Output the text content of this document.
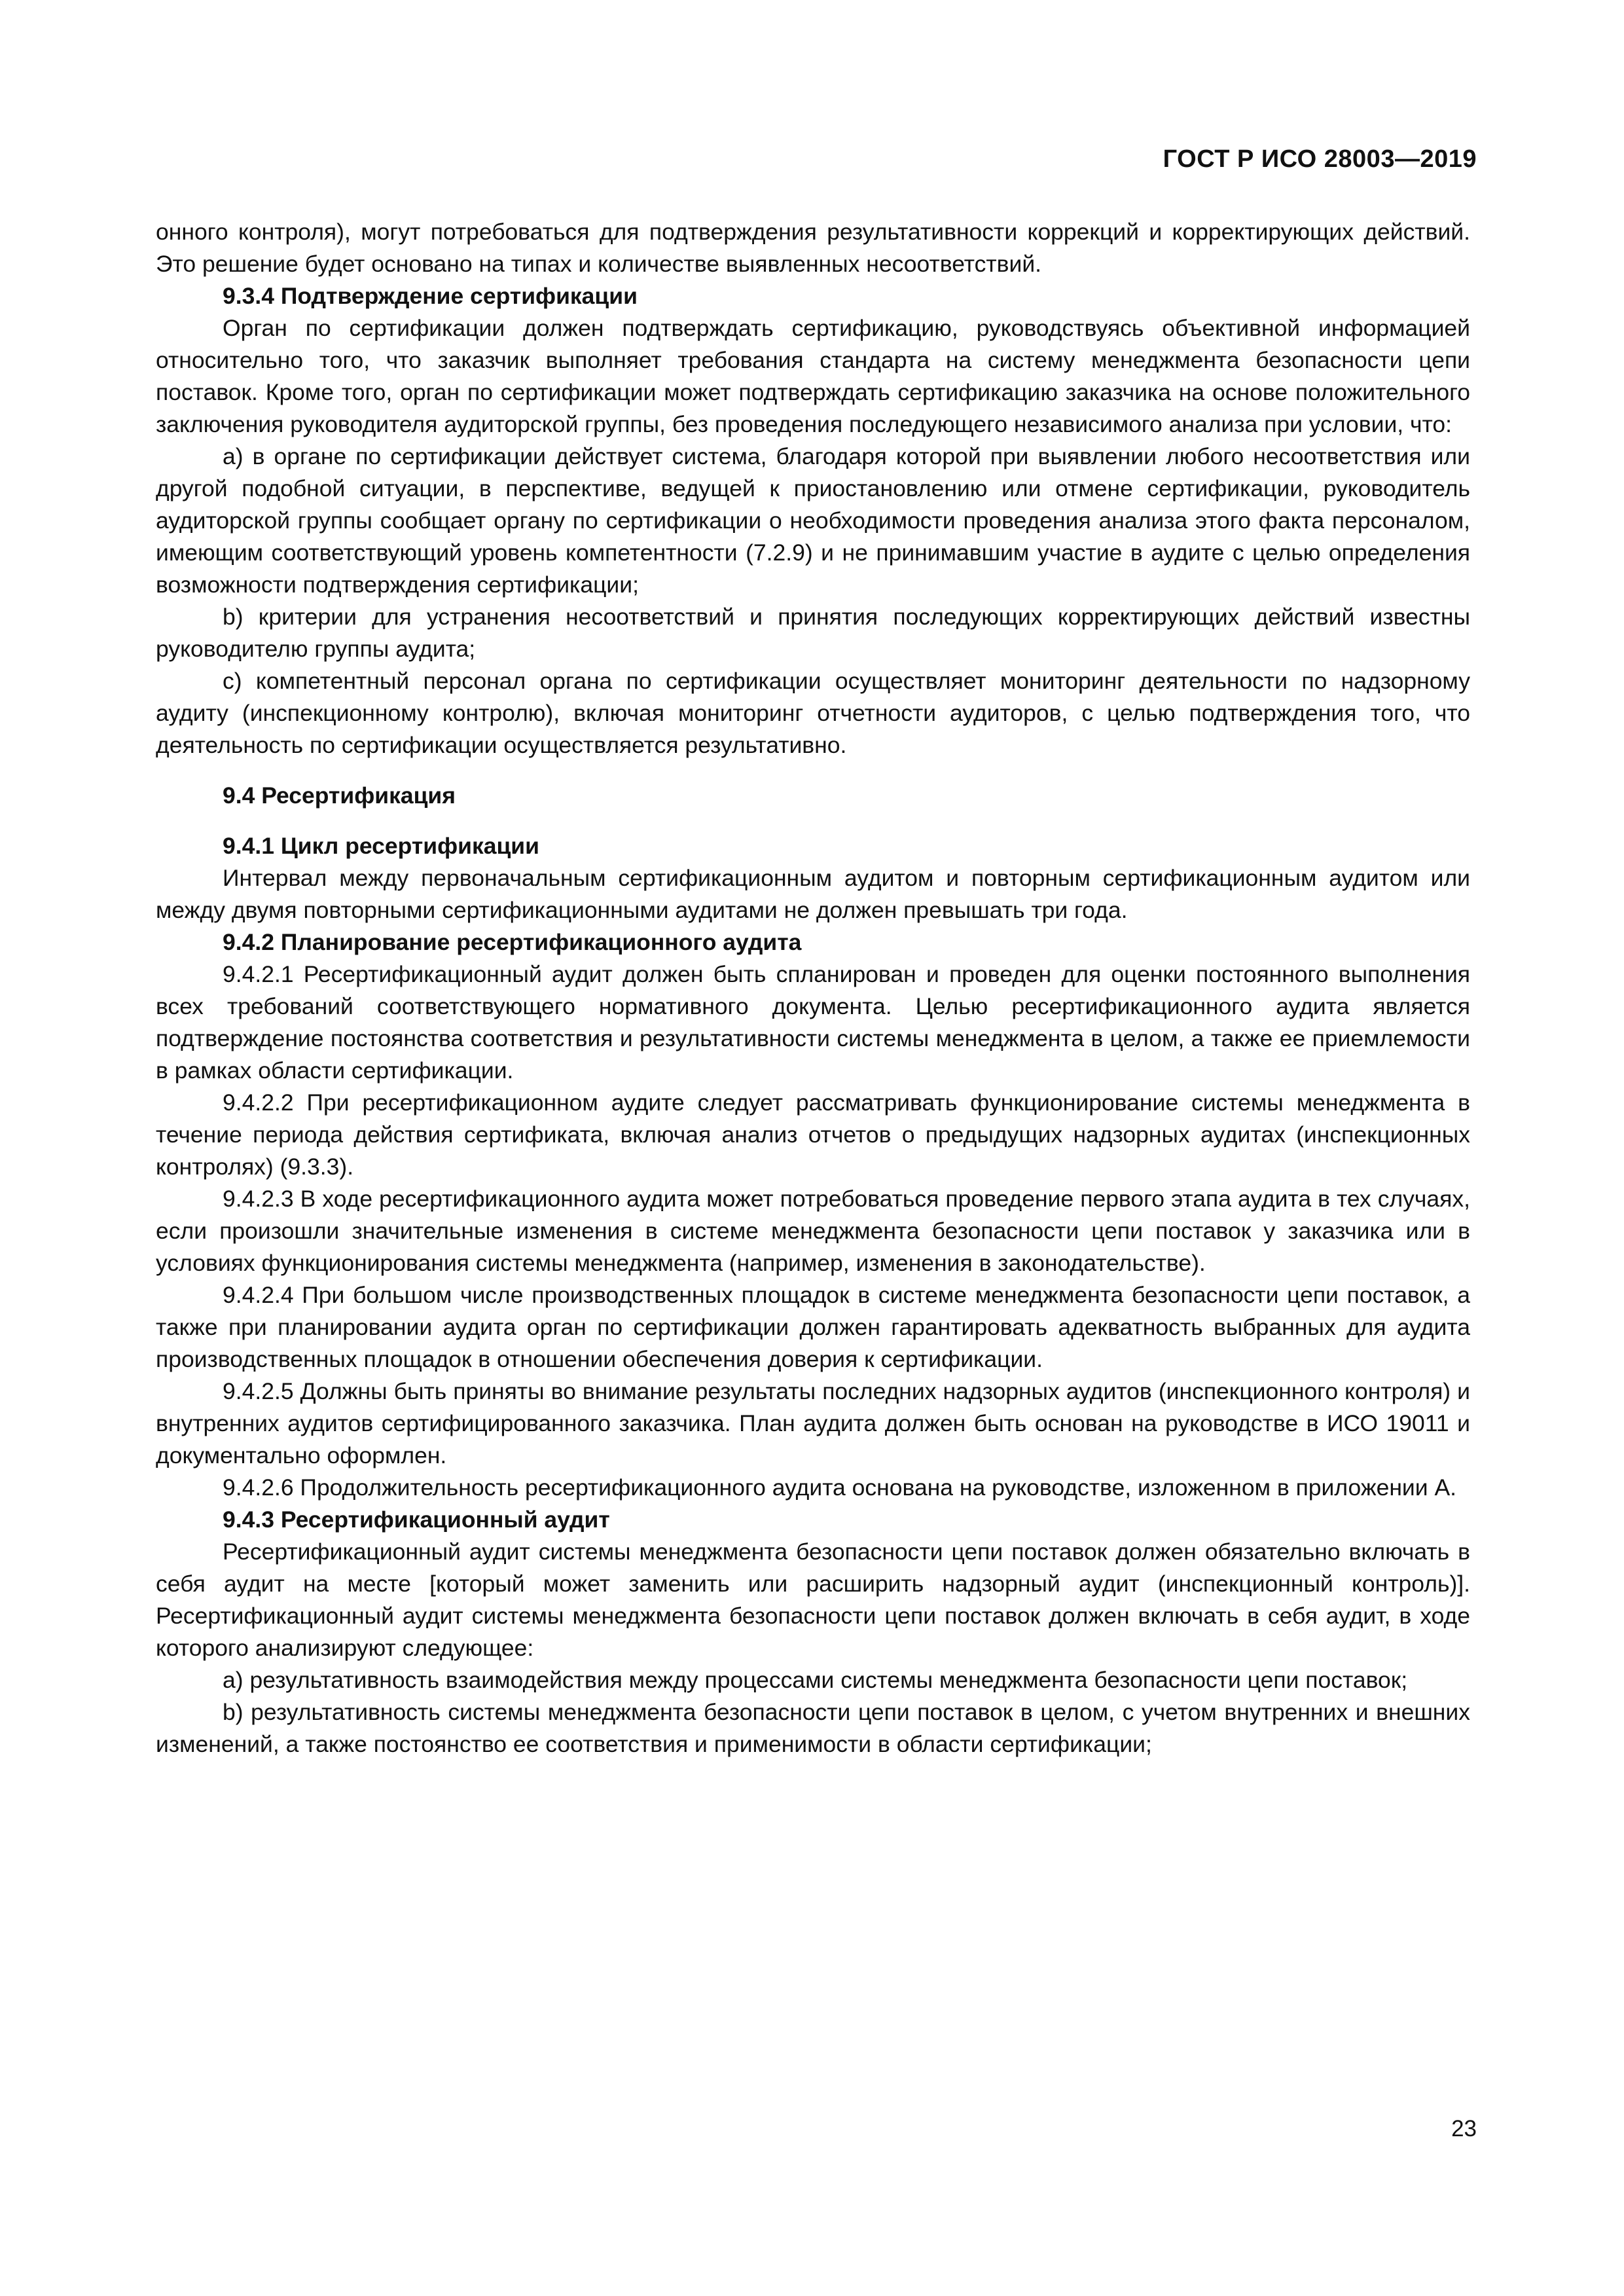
ГОСТ Р ИСО 28003—2019

онного контроля), могут потребоваться для подтверждения результативности коррекций и корректирующих действий. Это решение будет основано на типах и количестве выявленных несоответствий.

9.3.4 Подтверждение сертификации

Орган по сертификации должен подтверждать сертификацию, руководствуясь объективной информацией относительно того, что заказчик выполняет требования стандарта на систему менеджмента безопасности цепи поставок. Кроме того, орган по сертификации может подтверждать сертификацию заказчика на основе положительного заключения руководителя аудиторской группы, без проведения последующего независимого анализа при условии, что:

а) в органе по сертификации действует система, благодаря которой при выявлении любого несоответствия или другой подобной ситуации, в перспективе, ведущей к приостановлению или отмене сертификации, руководитель аудиторской группы сообщает органу по сертификации о необходимости проведения анализа этого факта персоналом, имеющим соответствующий уровень компетентности (7.2.9) и не принимавшим участие в аудите с целью определения возможности подтверждения сертификации;

b) критерии для устранения несоответствий и принятия последующих корректирующих действий известны руководителю группы аудита;

с) компетентный персонал органа по сертификации осуществляет мониторинг деятельности по надзорному аудиту (инспекционному контролю), включая мониторинг отчетности аудиторов, с целью подтверждения того, что деятельность по сертификации осуществляется результативно.

9.4 Ресертификация
9.4.1 Цикл ресертификации

Интервал между первоначальным сертификационным аудитом и повторным сертификационным аудитом или между двумя повторными сертификационными аудитами не должен превышать три года.

9.4.2 Планирование ресертификационного аудита

9.4.2.1 Ресертификационный аудит должен быть спланирован и проведен для оценки постоянного выполнения всех требований соответствующего нормативного документа. Целью ресертификационного аудита является подтверждение постоянства соответствия и результативности системы менеджмента в целом, а также ее приемлемости в рамках области сертификации.

9.4.2.2 При ресертификационном аудите следует рассматривать функционирование системы менеджмента в течение периода действия сертификата, включая анализ отчетов о предыдущих надзорных аудитах (инспекционных контролях) (9.3.3).

9.4.2.3 В ходе ресертификационного аудита может потребоваться проведение первого этапа аудита в тех случаях, если произошли значительные изменения в системе менеджмента безопасности цепи поставок у заказчика или в условиях функционирования системы менеджмента (например, изменения в законодательстве).

9.4.2.4 При большом числе производственных площадок в системе менеджмента безопасности цепи поставок, а также при планировании аудита орган по сертификации должен гарантировать адекватность выбранных для аудита производственных площадок в отношении обеспечения доверия к сертификации.

9.4.2.5 Должны быть приняты во внимание результаты последних надзорных аудитов (инспекционного контроля) и внутренних аудитов сертифицированного заказчика. План аудита должен быть основан на руководстве в ИСО 19011 и документально оформлен.

9.4.2.6 Продолжительность ресертификационного аудита основана на руководстве, изложенном в приложении А.

9.4.3 Ресертификационный аудит

Ресертификационный аудит системы менеджмента безопасности цепи поставок должен обязательно включать в себя аудит на месте [который может заменить или расширить надзорный аудит (инспекционный контроль)]. Ресертификационный аудит системы менеджмента безопасности цепи поставок должен включать в себя аудит, в ходе которого анализируют следующее:

а) результативность взаимодействия между процессами системы менеджмента безопасности цепи поставок;

b) результативность системы менеджмента безопасности цепи поставок в целом, с учетом внутренних и внешних изменений, а также постоянство ее соответствия и применимости в области сертификации;

23
